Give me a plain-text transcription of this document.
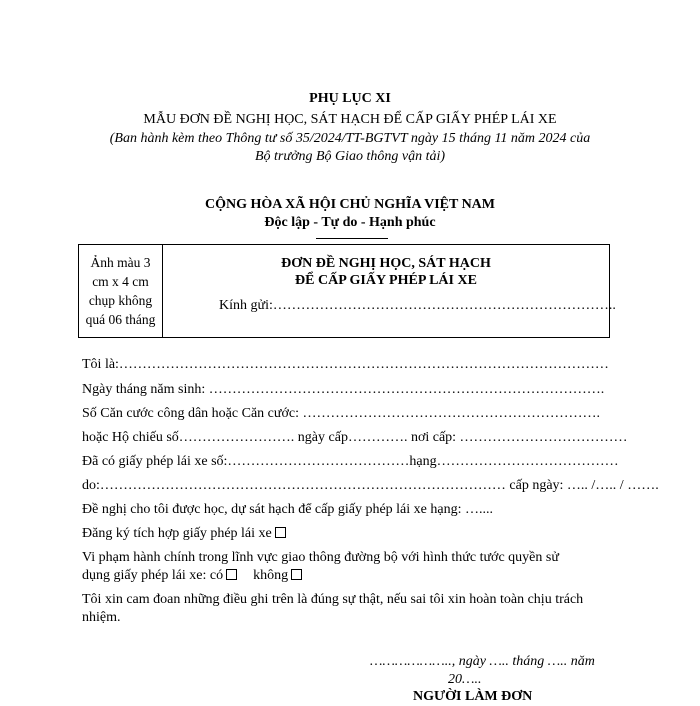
PHỤ LỤC XI
MẪU ĐƠN ĐỀ NGHỊ HỌC, SÁT HẠCH ĐỂ CẤP GIẤY PHÉP LÁI XE
(Ban hành kèm theo Thông tư số 35/2024/TT-BGTVT ngày 15 tháng 11 năm 2024 của
Bộ trưởng Bộ Giao thông vận tải)
CỘNG HÒA XÃ HỘI CHỦ NGHĨA VIỆT NAM
Độc lập - Tự do - Hạnh phúc
Ảnh màu 3
cm x 4 cm
chụp không
quá 06 tháng
ĐƠN ĐỀ NGHỊ HỌC, SÁT HẠCH
ĐỂ CẤP GIẤY PHÉP LÁI XE
Kính gửi:………………………………………………………………..
Tôi là:……………………………………………………………………………………………
Ngày tháng năm sinh: ………………………………………………………………………….
Số Căn cước công dân hoặc Căn cước: ……………………………………………………….
hoặc Hộ chiếu số……………………. ngày cấp…………. nơi cấp: ………………………………
Đã có giấy phép lái xe số:…………………………………hạng…………………………………
do:…………………………………………………………………………… cấp ngày: ….. /….. / …….
Đề nghị cho tôi được học, dự sát hạch để cấp giấy phép lái xe hạng: …....
Đăng ký tích hợp giấy phép lái xe
Vi phạm hành chính trong lĩnh vực giao thông đường bộ với hình thức tước quyền sử
dụng giấy phép lái xe: có không
Tôi xin cam đoan những điều ghi trên là đúng sự thật, nếu sai tôi xin hoàn toàn chịu trách
nhiệm.
……………….., ngày ….. tháng ….. năm
20…..
NGƯỜI LÀM ĐƠN
